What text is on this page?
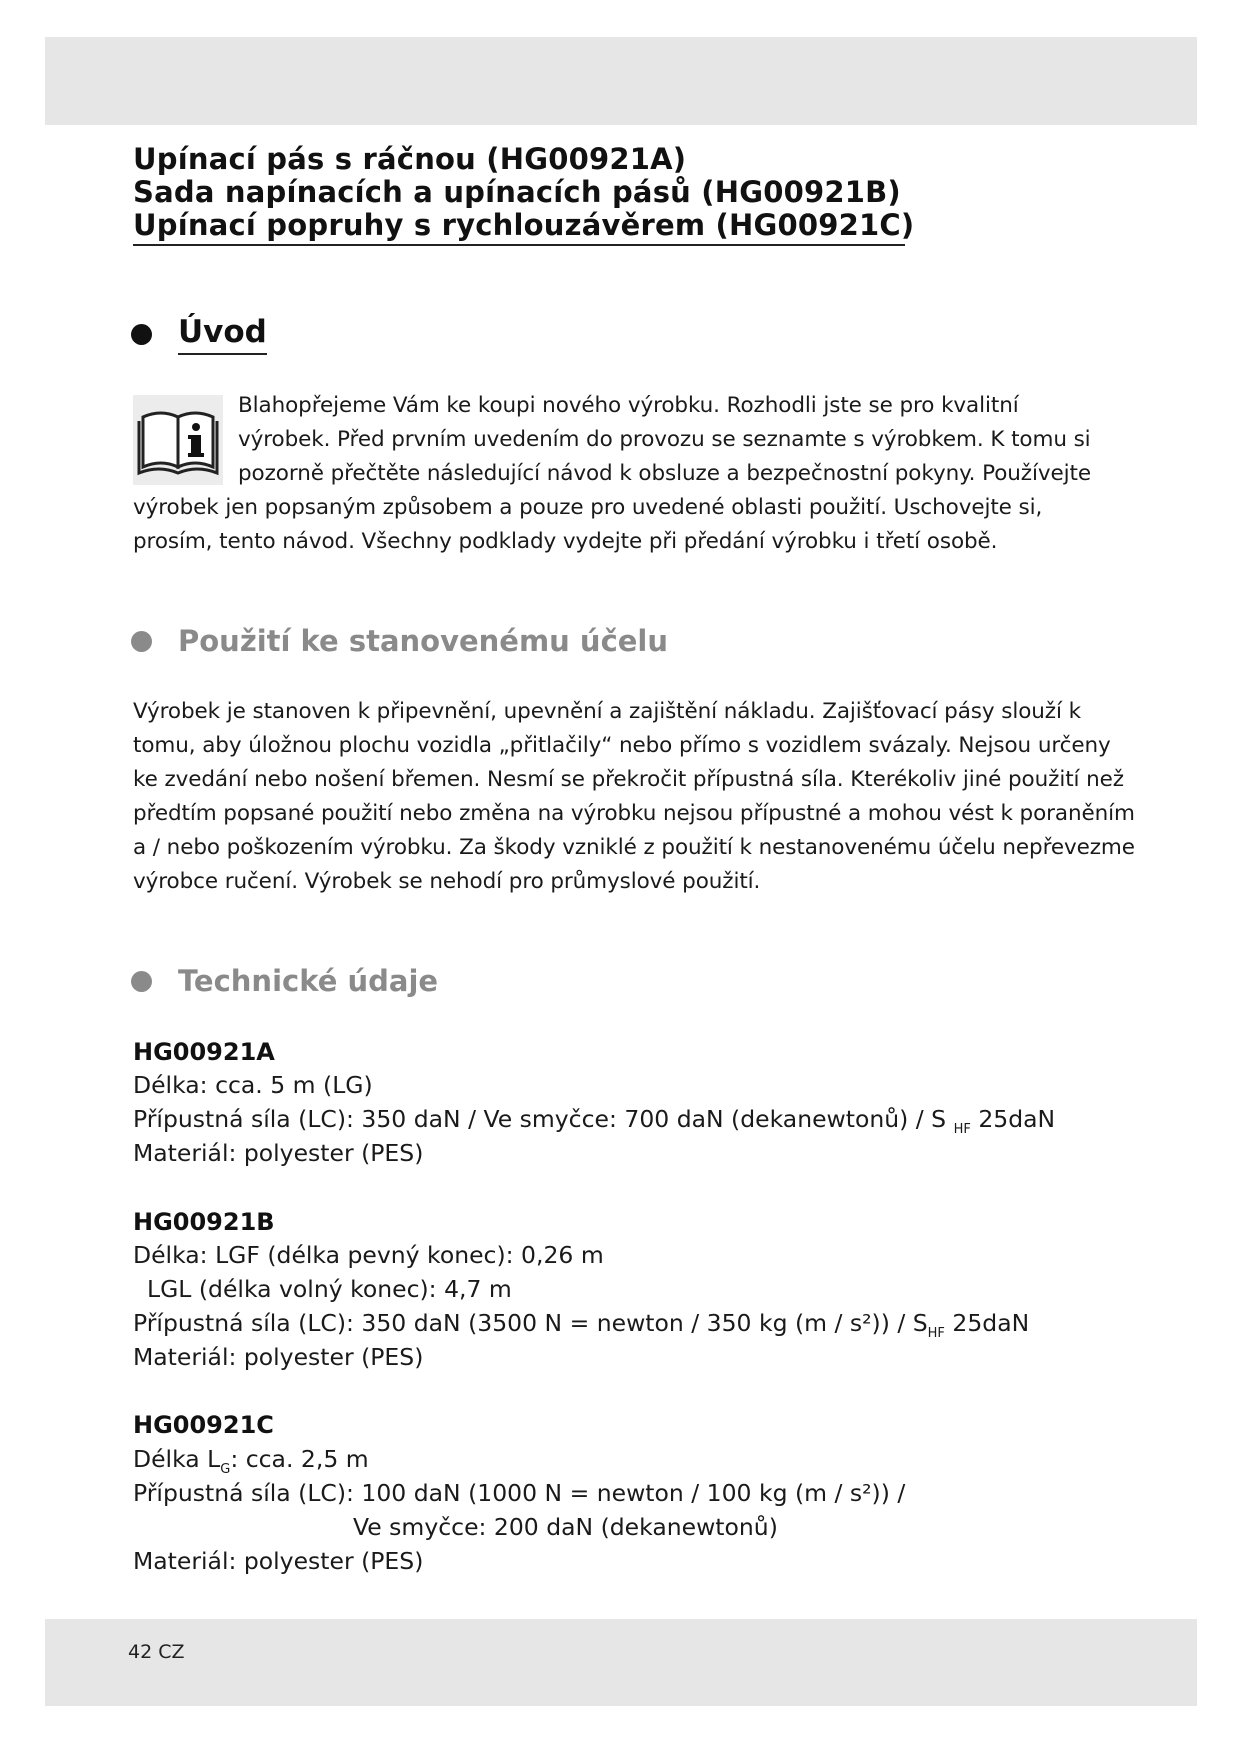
Upínací pás s ráčnou (HG00921A)
Sada napínacích a upínacích pásů (HG00921B)
Upínací popruhy s rychlouzávěrem (HG00921C)
Úvod
Blahopřejeme Vám ke koupi nového výrobku. Rozhodli jste se pro kvalitní
výrobek. Před prvním uvedením do provozu se seznamte s výrobkem. K tomu si
pozorně přečtěte následující návod k obsluze a bezpečnostní pokyny. Používejte
výrobek jen popsaným způsobem a pouze pro uvedené oblasti použití. Uschovejte si,
prosím, tento návod. Všechny podklady vydejte při předání výrobku i třetí osobě.
Použití ke stanovenému účelu
Výrobek je stanoven k připevnění, upevnění a zajištění nákladu. Zajišťovací pásy slouží k
tomu, aby úložnou plochu vozidla „přitlačily“ nebo přímo s vozidlem svázaly. Nejsou určeny
ke zvedání nebo nošení břemen. Nesmí se překročit přípustná síla. Kterékoliv jiné použití než
předtím popsané použití nebo změna na výrobku nejsou přípustné a mohou vést k poraněním
a / nebo poškozením výrobku. Za škody vzniklé z použití k nestanovenému účelu nepřevezme
výrobce ručení. Výrobek se nehodí pro průmyslové použití.
Technické údaje
HG00921A
Délka: cca. 5 m (LG)
Přípustná síla (LC): 350 daN / Ve smyčce: 700 daN (dekanewtonů) / S $_{HF}$ 25daN
Materiál: polyester (PES)
HG00921B
Délka: LGF (délka pevný konec): 0,26 m
LGL (délka volný konec): 4,7 m
Přípustná síla (LC): 350 daN (3500 N = newton / 350 kg $(m / s^2)) / S_{HF}$ 25daN
Materiál: polyester (PES)
HG00921C
Délka $L_G$: cca. 2,5 m
Přípustná síla (LC): 100 daN (1000 N = newton / 100 kg (m / s²)) /
Ve smyčce: 200 daN (dekanewtonů)
Materiál: polyester (PES)
42 CZ
